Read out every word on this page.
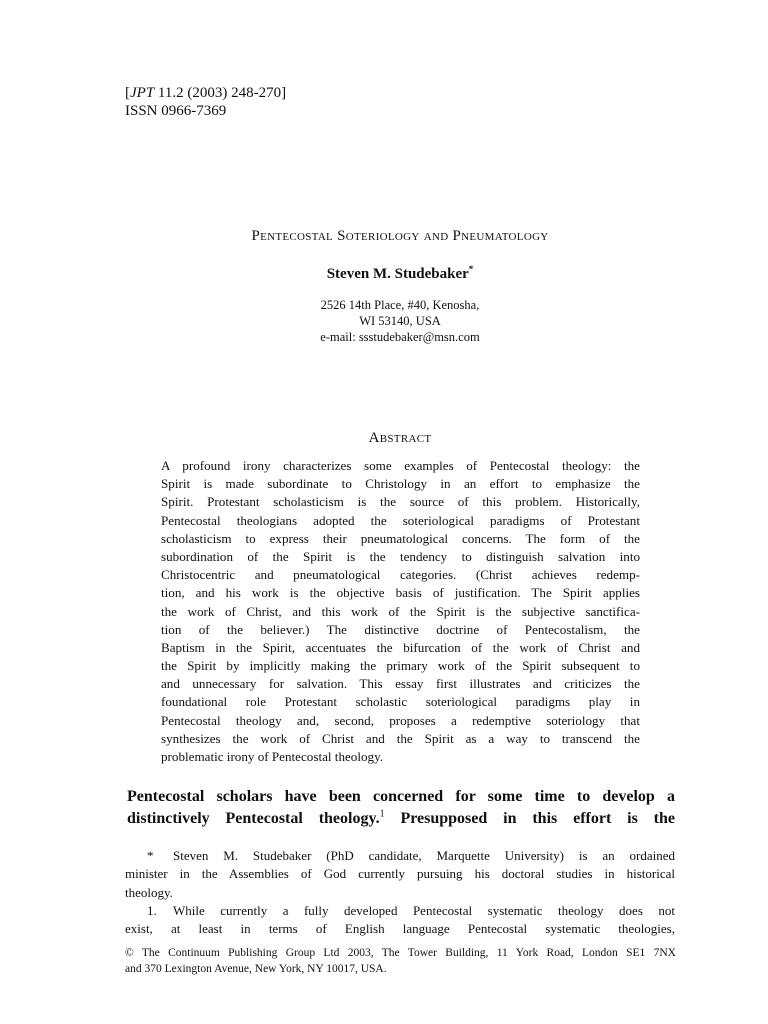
[JPT 11.2 (2003) 248-270]
ISSN 0966-7369
Pentecostal Soteriology and Pneumatology
Steven M. Studebaker*
2526 14th Place, #40, Kenosha,
WI 53140, USA
e-mail: ssstudebaker@msn.com
Abstract
A profound irony characterizes some examples of Pentecostal theology: the
Spirit is made subordinate to Christology in an effort to emphasize the
Spirit. Protestant scholasticism is the source of this problem. Historically,
Pentecostal theologians adopted the soteriological paradigms of Protestant
scholasticism to express their pneumatological concerns. The form of the
subordination of the Spirit is the tendency to distinguish salvation into
Christocentric and pneumatological categories. (Christ achieves redemp-
tion, and his work is the objective basis of justification. The Spirit applies
the work of Christ, and this work of the Spirit is the subjective sanctifica-
tion of the believer.) The distinctive doctrine of Pentecostalism, the
Baptism in the Spirit, accentuates the bifurcation of the work of Christ and
the Spirit by implicitly making the primary work of the Spirit subsequent to
and unnecessary for salvation. This essay first illustrates and criticizes the
foundational role Protestant scholastic soteriological paradigms play in
Pentecostal theology and, second, proposes a redemptive soteriology that
synthesizes the work of Christ and the Spirit as a way to transcend the
problematic irony of Pentecostal theology.
Pentecostal scholars have been concerned for some time to develop a
distinctively Pentecostal theology.$^1$ Presupposed in this effort is the
* Steven M. Studebaker (PhD candidate, Marquette University) is an ordained
minister in the Assemblies of God currently pursuing his doctoral studies in historical
theology.
1. While currently a fully developed Pentecostal systematic theology does not
exist, at least in terms of English language Pentecostal systematic theologies,
© The Continuum Publishing Group Ltd 2003, The Tower Building, 11 York Road, London SE1 7NX
and 370 Lexington Avenue, New York, NY 10017, USA.
